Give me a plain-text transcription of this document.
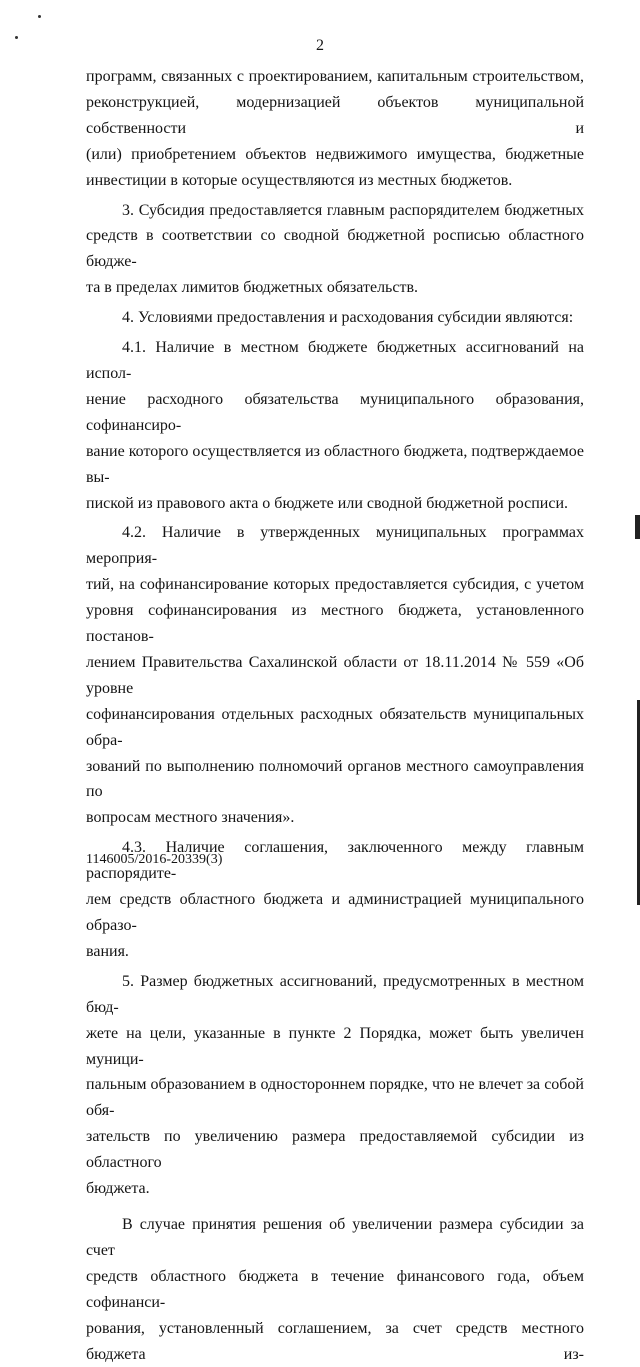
2
программ, связанных с проектированием, капитальным строительством,
реконструкцией, модернизацией объектов муниципальной собственности и
(или) приобретением объектов недвижимого имущества, бюджетные
инвестиции в которые осуществляются из местных бюджетов.
3. Субсидия предоставляется главным распорядителем бюджетных
средств в соответствии со сводной бюджетной росписью областного бюдже-
та в пределах лимитов бюджетных обязательств.
4. Условиями предоставления и расходования субсидии являются:
4.1. Наличие в местном бюджете бюджетных ассигнований на испол-
нение расходного обязательства муниципального образования, софинансиро-
вание которого осуществляется из областного бюджета, подтверждаемое вы-
пиской из правового акта о бюджете или сводной бюджетной росписи.
4.2. Наличие в утвержденных муниципальных программах мероприя-
тий, на софинансирование которых предоставляется субсидия, с учетом
уровня софинансирования из местного бюджета, установленного постанов-
лением Правительства Сахалинской области от 18.11.2014 № 559 «Об уровне
софинансирования отдельных расходных обязательств муниципальных обра-
зований по выполнению полномочий органов местного самоуправления по
вопросам местного значения».
4.3. Наличие соглашения, заключенного между главным распорядите-
лем средств областного бюджета и администрацией муниципального образо-
вания.
5. Размер бюджетных ассигнований, предусмотренных в местном бюд-
жете на цели, указанные в пункте 2 Порядка, может быть увеличен муници-
пальным образованием в одностороннем порядке, что не влечет за собой обя-
зательств по увеличению размера предоставляемой субсидии из областного
бюджета.
В случае принятия решения об увеличении размера субсидии за счет
средств областного бюджета в течение финансового года, объем софинанси-
рования, установленный соглашением, за счет средств местного бюджета из-
1146005/2016-20339(3)
